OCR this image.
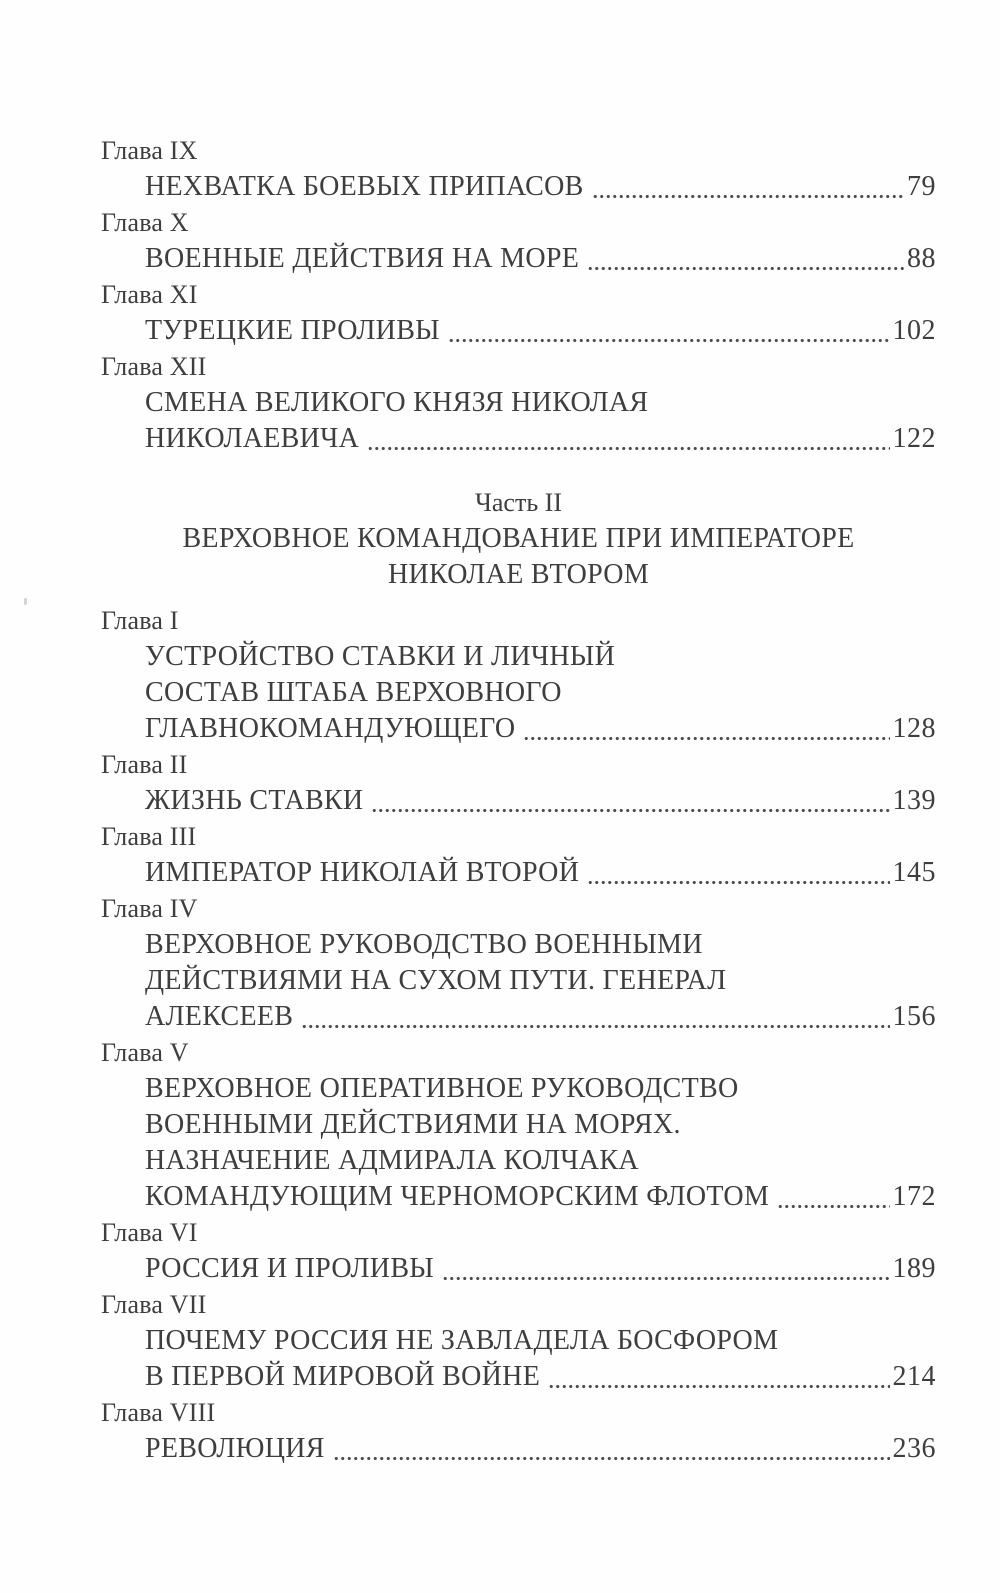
Глава IX
НЕХВАТКА БОЕВЫХ ПРИПАСОВ	79
Глава X
ВОЕННЫЕ ДЕЙСТВИЯ НА МОРЕ	88
Глава XI
ТУРЕЦКИЕ ПРОЛИВЫ	102
Глава XII
СМЕНА ВЕЛИКОГО КНЯЗЯ НИКОЛАЯ
НИКОЛАЕВИЧА	122
Часть II
ВЕРХОВНОЕ КОМАНДОВАНИЕ ПРИ ИМПЕРАТОРЕ
НИКОЛАЕ ВТОРОМ
Глава I
УСТРОЙСТВО СТАВКИ И ЛИЧНЫЙ
СОСТАВ ШТАБА ВЕРХОВНОГО
ГЛАВНОКОМАНДУЮЩЕГО	128
Глава II
ЖИЗНЬ СТАВКИ	139
Глава III
ИМПЕРАТОР НИКОЛАЙ ВТОРОЙ	145
Глава IV
ВЕРХОВНОЕ РУКОВОДСТВО ВОЕННЫМИ
ДЕЙСТВИЯМИ НА СУХОМ ПУТИ. ГЕНЕРАЛ
АЛЕКСЕЕВ	156
Глава V
ВЕРХОВНОЕ ОПЕРАТИВНОЕ РУКОВОДСТВО
ВОЕННЫМИ ДЕЙСТВИЯМИ НА МОРЯХ.
НАЗНАЧЕНИЕ АДМИРАЛА КОЛЧАКА
КОМАНДУЮЩИМ ЧЕРНОМОРСКИМ ФЛОТОМ	172
Глава VI
РОССИЯ И ПРОЛИВЫ	189
Глава VII
ПОЧЕМУ РОССИЯ НЕ ЗАВЛАДЕЛА БОСФОРОМ
В ПЕРВОЙ МИРОВОЙ ВОЙНЕ	214
Глава VIII
РЕВОЛЮЦИЯ	236
